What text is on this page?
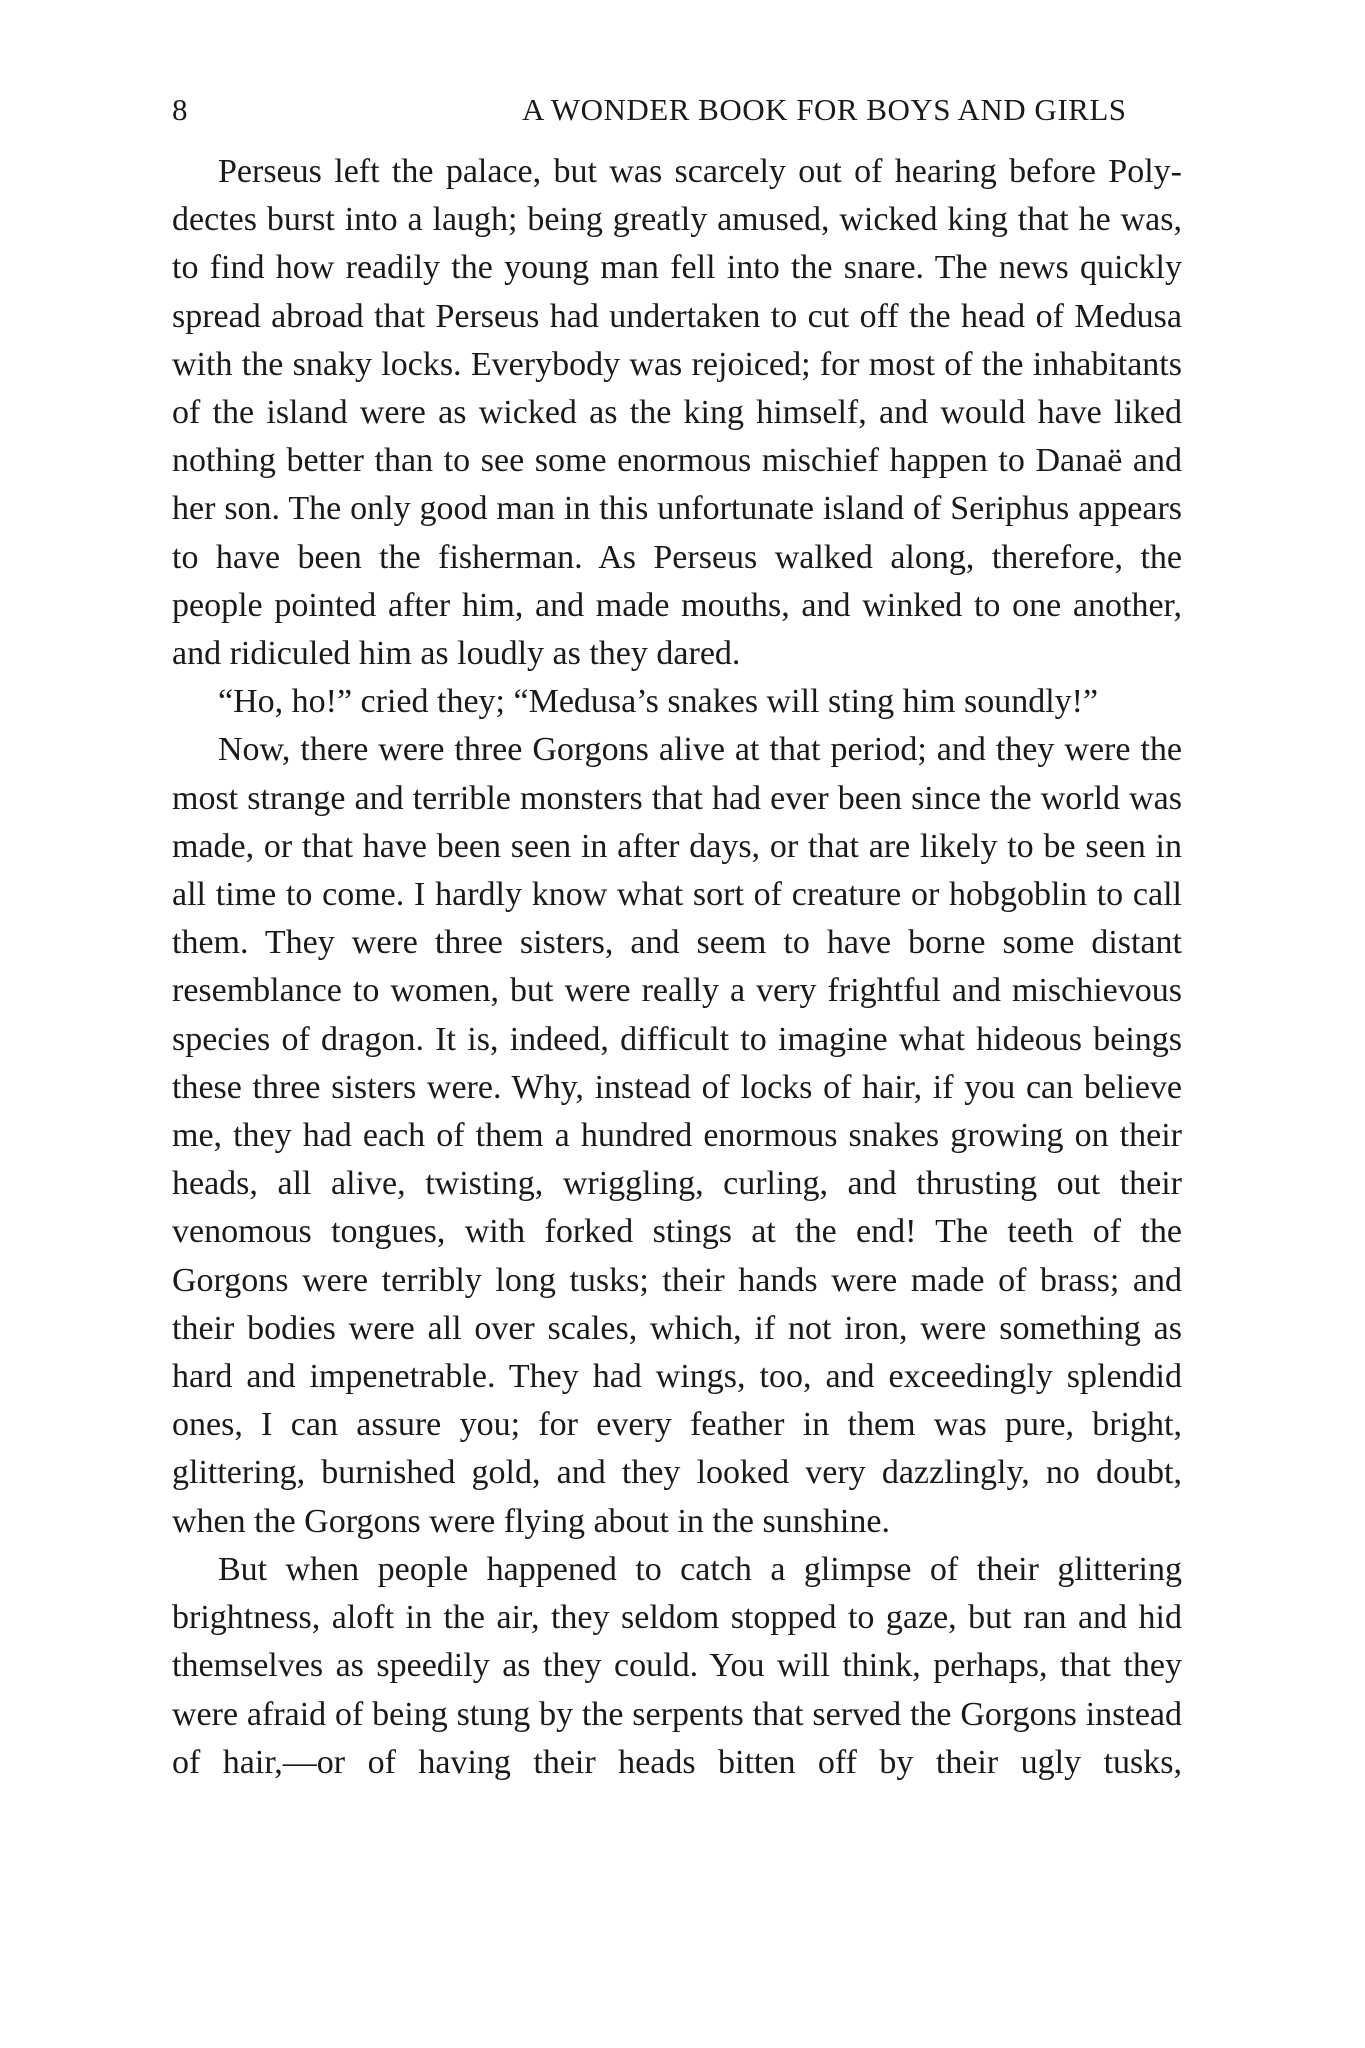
8	A WONDER BOOK FOR BOYS AND GIRLS

Perseus left the palace, but was scarcely out of hearing before Polydectes burst into a laugh; being greatly amused, wicked king that he was, to find how readily the young man fell into the snare. The news quickly spread abroad that Perseus had undertaken to cut off the head of Medusa with the snaky locks. Everybody was rejoiced; for most of the inhabitants of the island were as wicked as the king himself, and would have liked nothing better than to see some enormous mischief happen to Danaë and her son. The only good man in this unfortunate island of Seriphus appears to have been the fisherman. As Perseus walked along, therefore, the people pointed after him, and made mouths, and winked to one another, and ridiculed him as loudly as they dared.

“Ho, ho!” cried they; “Medusa’s snakes will sting him soundly!”

Now, there were three Gorgons alive at that period; and they were the most strange and terrible monsters that had ever been since the world was made, or that have been seen in after days, or that are likely to be seen in all time to come. I hardly know what sort of creature or hobgoblin to call them. They were three sisters, and seem to have borne some distant resemblance to women, but were really a very frightful and mischievous species of dragon. It is, indeed, difficult to imagine what hideous beings these three sisters were. Why, instead of locks of hair, if you can believe me, they had each of them a hundred enormous snakes growing on their heads, all alive, twisting, wriggling, curling, and thrusting out their venomous tongues, with forked stings at the end! The teeth of the Gorgons were terribly long tusks; their hands were made of brass; and their bodies were all over scales, which, if not iron, were something as hard and impenetrable. They had wings, too, and exceedingly splendid ones, I can assure you; for every feather in them was pure, bright, glittering, burnished gold, and they looked very dazzlingly, no doubt, when the Gorgons were flying about in the sunshine.

But when people happened to catch a glimpse of their glittering brightness, aloft in the air, they seldom stopped to gaze, but ran and hid themselves as speedily as they could. You will think, perhaps, that they were afraid of being stung by the serpents that served the Gorgons instead of hair,—or of having their heads bitten off by their ugly tusks,
